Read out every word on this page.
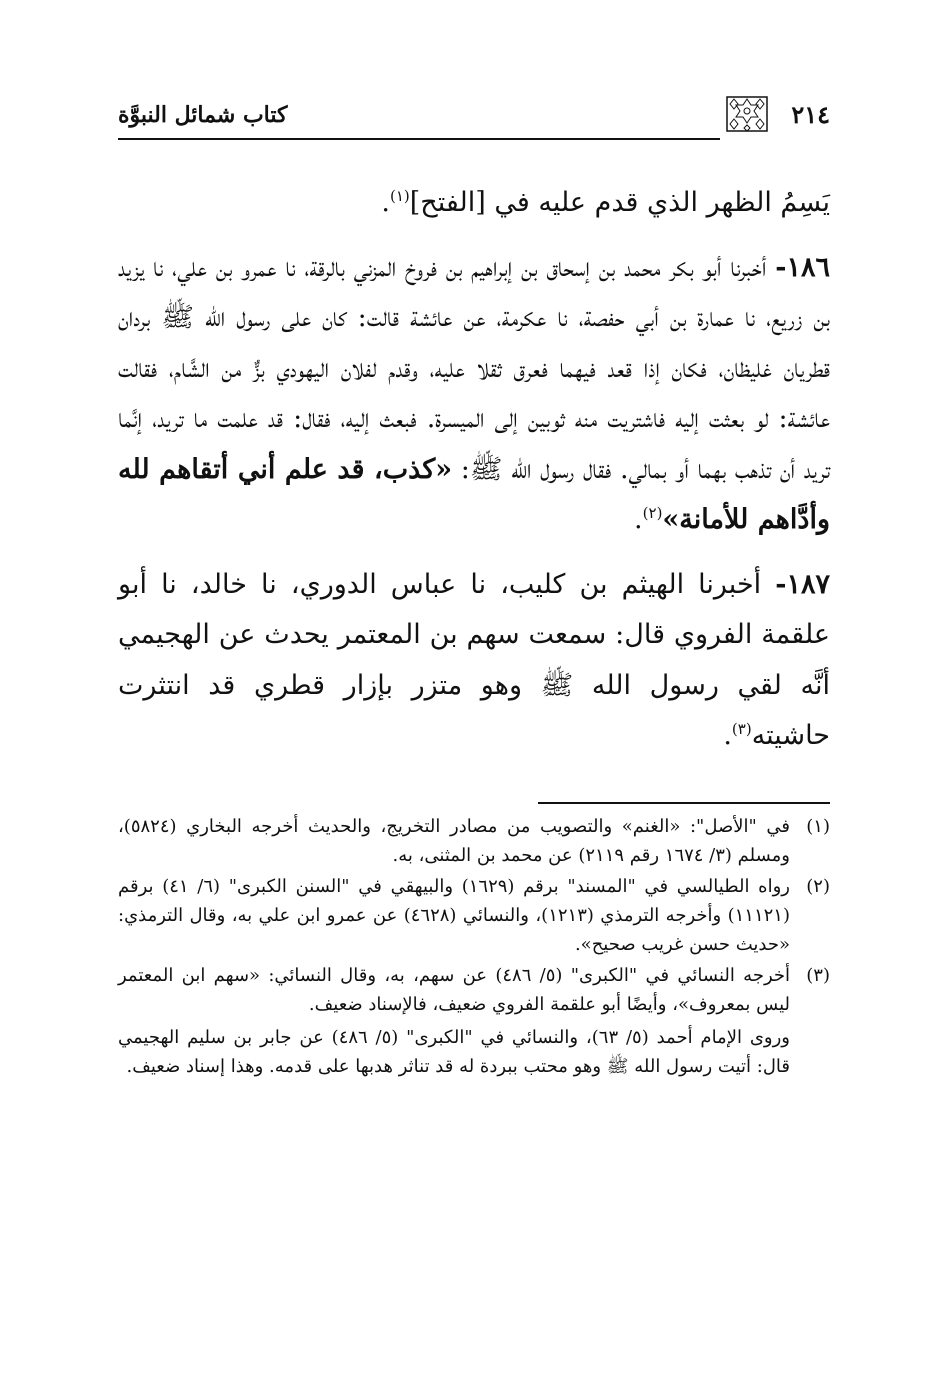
٢١٤
كتاب شمائل النبوَّة

يَسِمُ الظهر الذي قدم عليه في [الفتح]$^{(١)}$.

١٨٦- أخبرنا أبو بكر محمد بن إسحاق بن إبراهيم بن فروخ المزني بالرقة، نا عمرو بن علي، نا يزيد بن زريع، نا عمارة بن أبي حفصة، نا عكرمة، عن عائشة قالت: كان على رسول الله ﷺ بردان قطريان غليظان، فكان إذا قعد فيهما فعرق ثقلا عليه، وقدم لفلان اليهودي بزٌّ من الشَّام، فقالت عائشة: لو بعثت إليه فاشتريت منه ثوبين إلى الميسرة. فبعث إليه، فقال: قد علمت ما تريد، إنَّما تريد أن تذهب بهما أو بمالي. فقال رسول الله ﷺ: «كذب، قد علم أني أتقاهم لله وأدَّاهم للأمانة»$^{(٢)}$.

١٨٧- أخبرنا الهيثم بن كليب، نا عباس الدوري، نا خالد، نا أبو علقمة الفروي قال: سمعت سهم بن المعتمر يحدث عن الهجيمي أنَّه لقي رسول الله ﷺ وهو متزر بإزار قطري قد انتثرت حاشيته$^{(٣)}$.

(١)
في "الأصل": «الغنم» والتصويب من مصادر التخريج، والحديث أخرجه البخاري (٥٨٢٤)، ومسلم (٣/ ١٦٧٤ رقم ٢١١٩) عن محمد بن المثنى، به.
(٢)
رواه الطيالسي في "المسند" برقم (١٦٢٩) والبيهقي في "السنن الكبرى" (٦/ ٤١) برقم (١١١٢١) وأخرجه الترمذي (١٢١٣)، والنسائي (٤٦٢٨) عن عمرو ابن علي به، وقال الترمذي: «حديث حسن غريب صحيح».
(٣)
أخرجه النسائي في "الكبرى" (٥/ ٤٨٦) عن سهم، به، وقال النسائي: «سهم ابن المعتمر ليس بمعروف»، وأيضًا أبو علقمة الفروي ضعيف، فالإسناد ضعيف.
وروى الإمام أحمد (٥/ ٦٣)، والنسائي في "الكبرى" (٥/ ٤٨٦) عن جابر بن سليم الهجيمي قال: أتيت رسول الله ﷺ وهو محتب ببردة له قد تناثر هدبها على قدمه. وهذا إسناد ضعيف.
